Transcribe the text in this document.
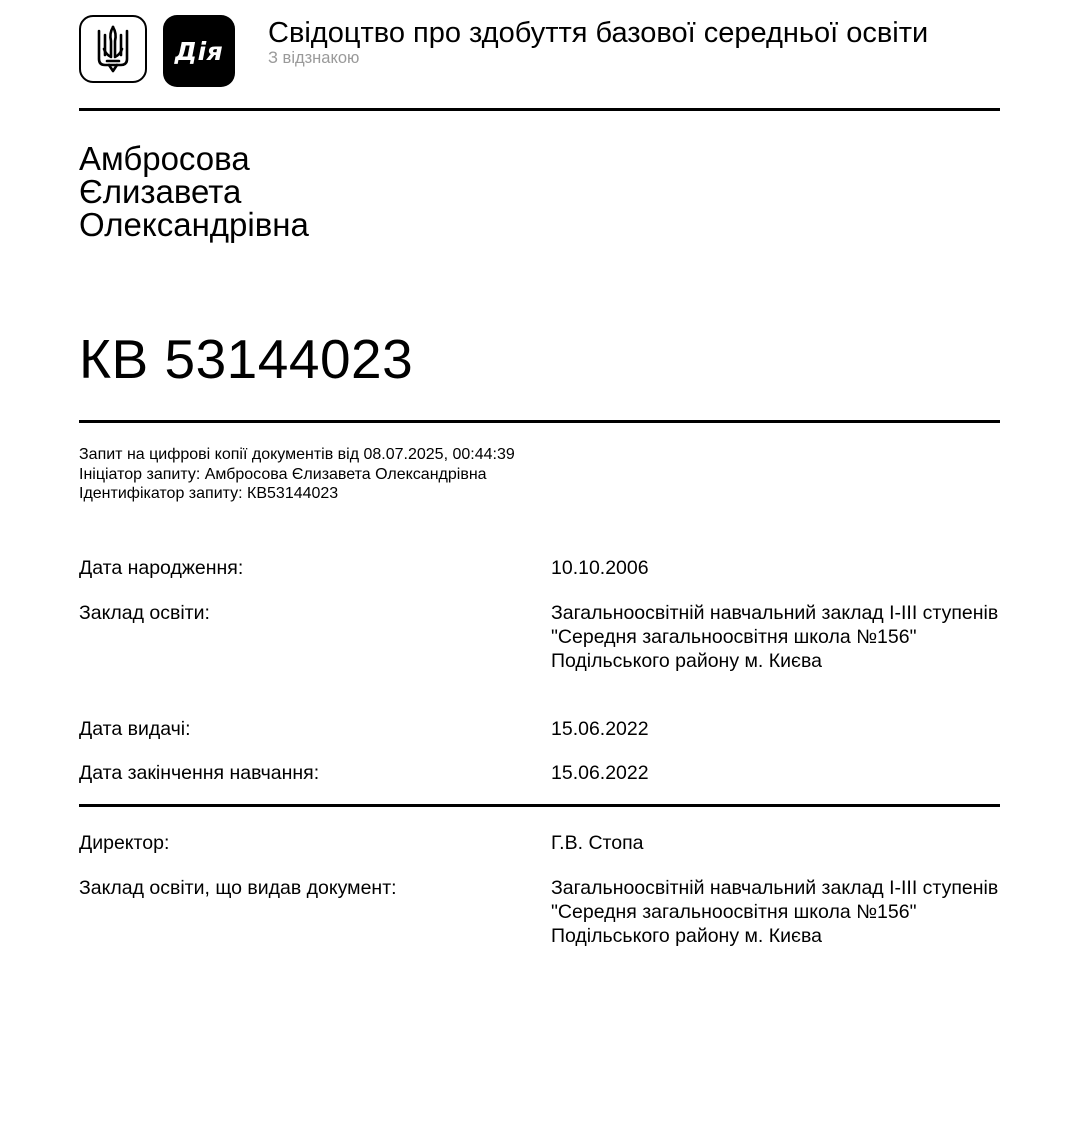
Дія
Свідоцтво про здобуття базової середньої освіти
З відзнакою
Амбросова
Єлизавета
Олександрівна
КВ 53144023
Запит на цифрові копії документів від 08.07.2025, 00:44:39
Ініціатор запиту: Амбросова Єлизавета Олександрівна
Ідентифікатор запиту: КВ53144023
Дата народження:	10.10.2006
Заклад освіти:	Загальноосвітній навчальний заклад І-ІІІ ступенів "Середня загальноосвітня школа №156" Подільського району м. Києва
Дата видачі:	15.06.2022
Дата закінчення навчання:	15.06.2022
Директор:	Г.В. Стопа
Заклад освіти, що видав документ:	Загальноосвітній навчальний заклад І-ІІІ ступенів "Середня загальноосвітня школа №156" Подільського району м. Києва
